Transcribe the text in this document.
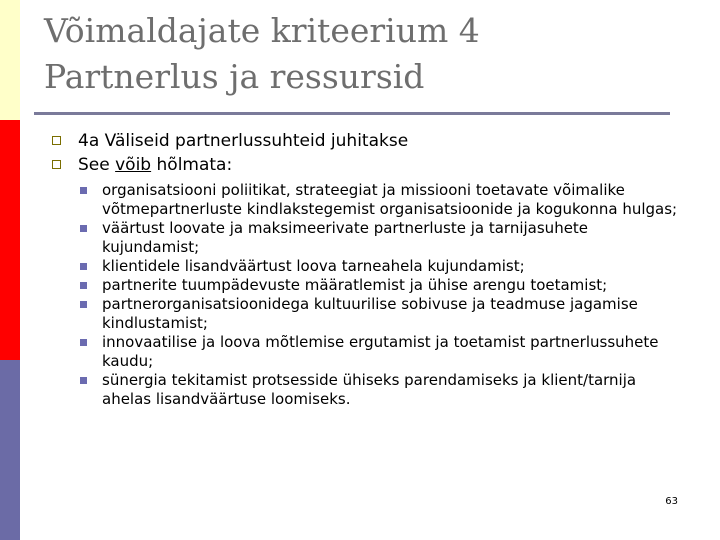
Võimaldajate kriteerium 4
Partnerlus ja ressursid
4a Väliseid partnerlussuhteid juhitakse
See võib hõlmata:
organisatsiooni poliitikat, strateegiat ja missiooni toetavate võimalike võtmepartnerluste kindlakstegemist organisatsioonide ja kogukonna hulgas;
väärtust loovate ja maksimeerivate partnerluste ja tarnijasuhete kujundamist;
klientidele lisandväärtust loova tarneahela kujundamist;
partnerite tuumpädevuste määratlemist ja ühise arengu toetamist;
partnerorganisatsioonidega kultuurilise sobivuse ja teadmuse jagamise kindlustamist;
innovaatilise ja loova mõtlemise ergutamist ja toetamist partnerlussuhete kaudu;
sünergia tekitamist protsesside ühiseks parendamiseks ja klient/tarnija ahelas lisandväärtuse loomiseks.
63
